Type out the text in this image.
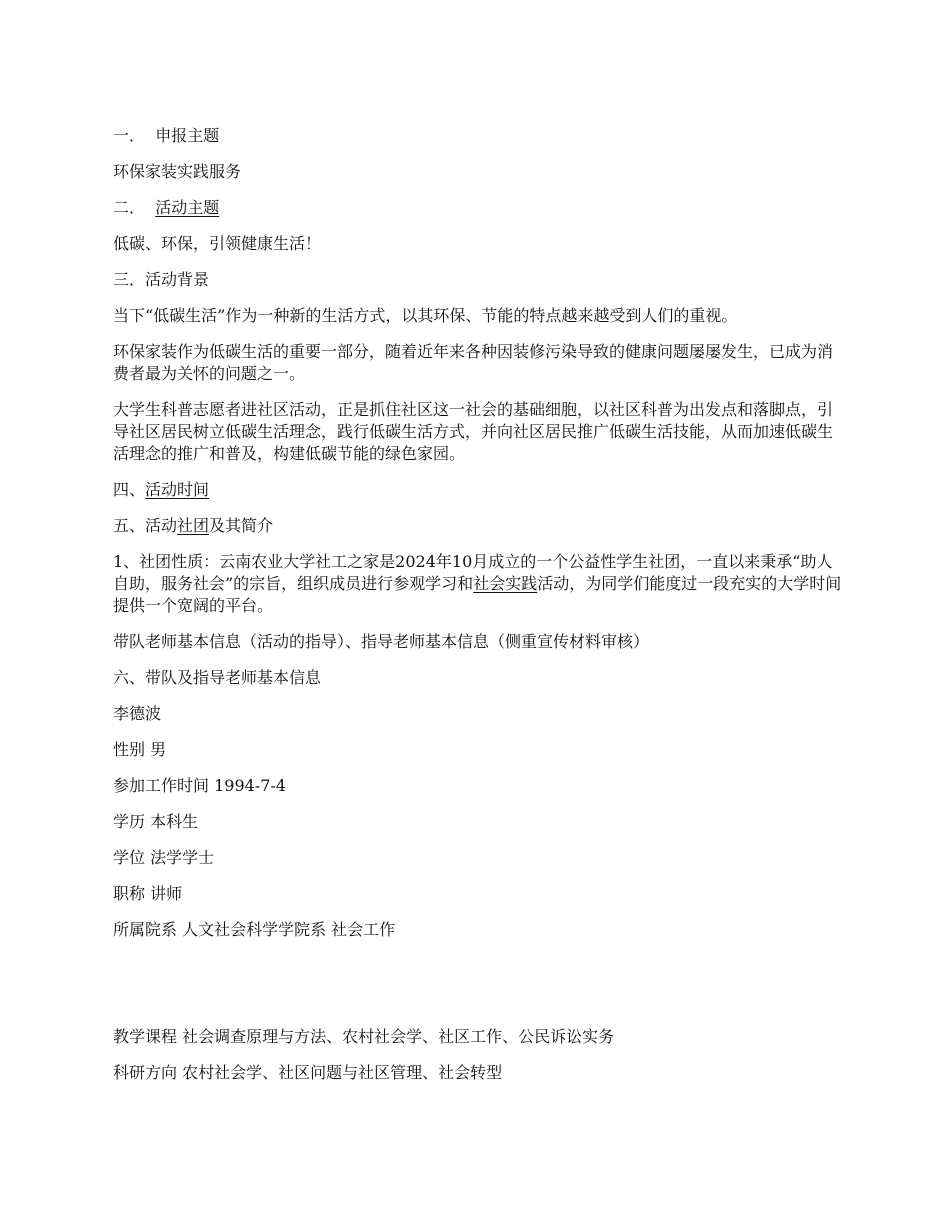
一． 申报主题

环保家装实践服务

二． 活动主题

低碳、环保，引领健康生活！

三．活动背景

当下“低碳生活”作为一种新的生活方式，以其环保、节能的特点越来越受到人们的重视。

环保家装作为低碳生活的重要一部分，随着近年来各种因装修污染导致的健康问题屡屡发生，已成为消费者最为关怀的问题之一。

大学生科普志愿者进社区活动，正是抓住社区这一社会的基础细胞，以社区科普为出发点和落脚点，引导社区居民树立低碳生活理念，践行低碳生活方式，并向社区居民推广低碳生活技能，从而加速低碳生活理念的推广和普及，构建低碳节能的绿色家园。

四、活动时间

五、活动社团及其简介

1、社团性质：云南农业大学社工之家是2024年10月成立的一个公益性学生社团，一直以来秉承“助人自助，服务社会”的宗旨，组织成员进行参观学习和社会实践活动，为同学们能度过一段充实的大学时间提供一个宽阔的平台。

带队老师基本信息（活动的指导）、指导老师基本信息（侧重宣传材料审核）

六、带队及指导老师基本信息

李德波

性别 男

参加工作时间 1994-7-4

学历 本科生

学位 法学学士

职称 讲师

所属院系 人文社会科学学院系 社会工作

教学课程 社会调查原理与方法、农村社会学、社区工作、公民诉讼实务

科研方向 农村社会学、社区问题与社区管理、社会转型
